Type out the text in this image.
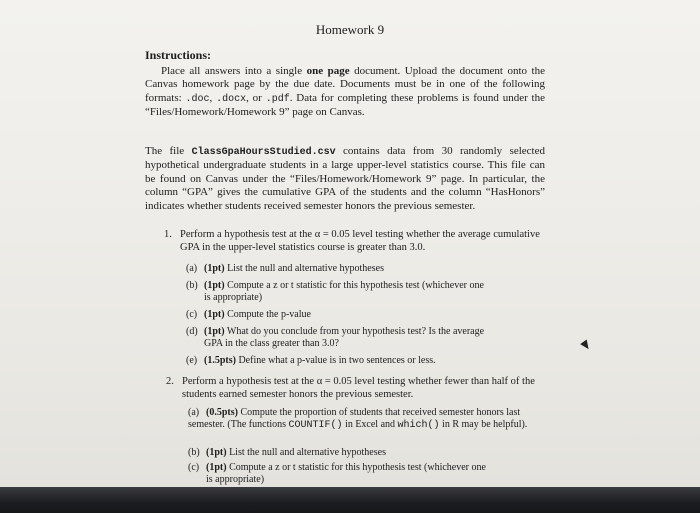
Homework 9
Instructions:
Place all answers into a single one page document. Upload the document onto the Canvas homework page by the due date. Documents must be in one of the following formats: .doc, .docx, or .pdf. Data for completing these problems is found under the “Files/Homework/Homework 9” page on Canvas.
The file ClassGpaHoursStudied.csv contains data from 30 randomly selected hypothetical undergraduate students in a large upper-level statistics course. This file can be found on Canvas under the “Files/Homework/Homework 9” page. In particular, the column “GPA” gives the cumulative GPA of the students and the column “HasHonors” indicates whether students received semester honors the previous semester.
1. Perform a hypothesis test at the α = 0.05 level testing whether the average cumulative GPA in the upper-level statistics course is greater than 3.0.
(a) (1pt) List the null and alternative hypotheses
(b) (1pt) Compute a z or t statistic for this hypothesis test (whichever one
is appropriate)
(c) (1pt) Compute the p-value
(d) (1pt) What do you conclude from your hypothesis test? Is the average
GPA in the class greater than 3.0?
(e) (1.5pts) Define what a p-value is in two sentences or less.
2. Perform a hypothesis test at the α = 0.05 level testing whether fewer than half of the students earned semester honors the previous semester.
(a) (0.5pts) Compute the proportion of students that received semester honors last semester. (The functions COUNTIF() in Excel and which() in R may be helpful).
(b) (1pt) List the null and alternative hypotheses
(c) (1pt) Compute a z or t statistic for this hypothesis test (whichever one
is appropriate)
